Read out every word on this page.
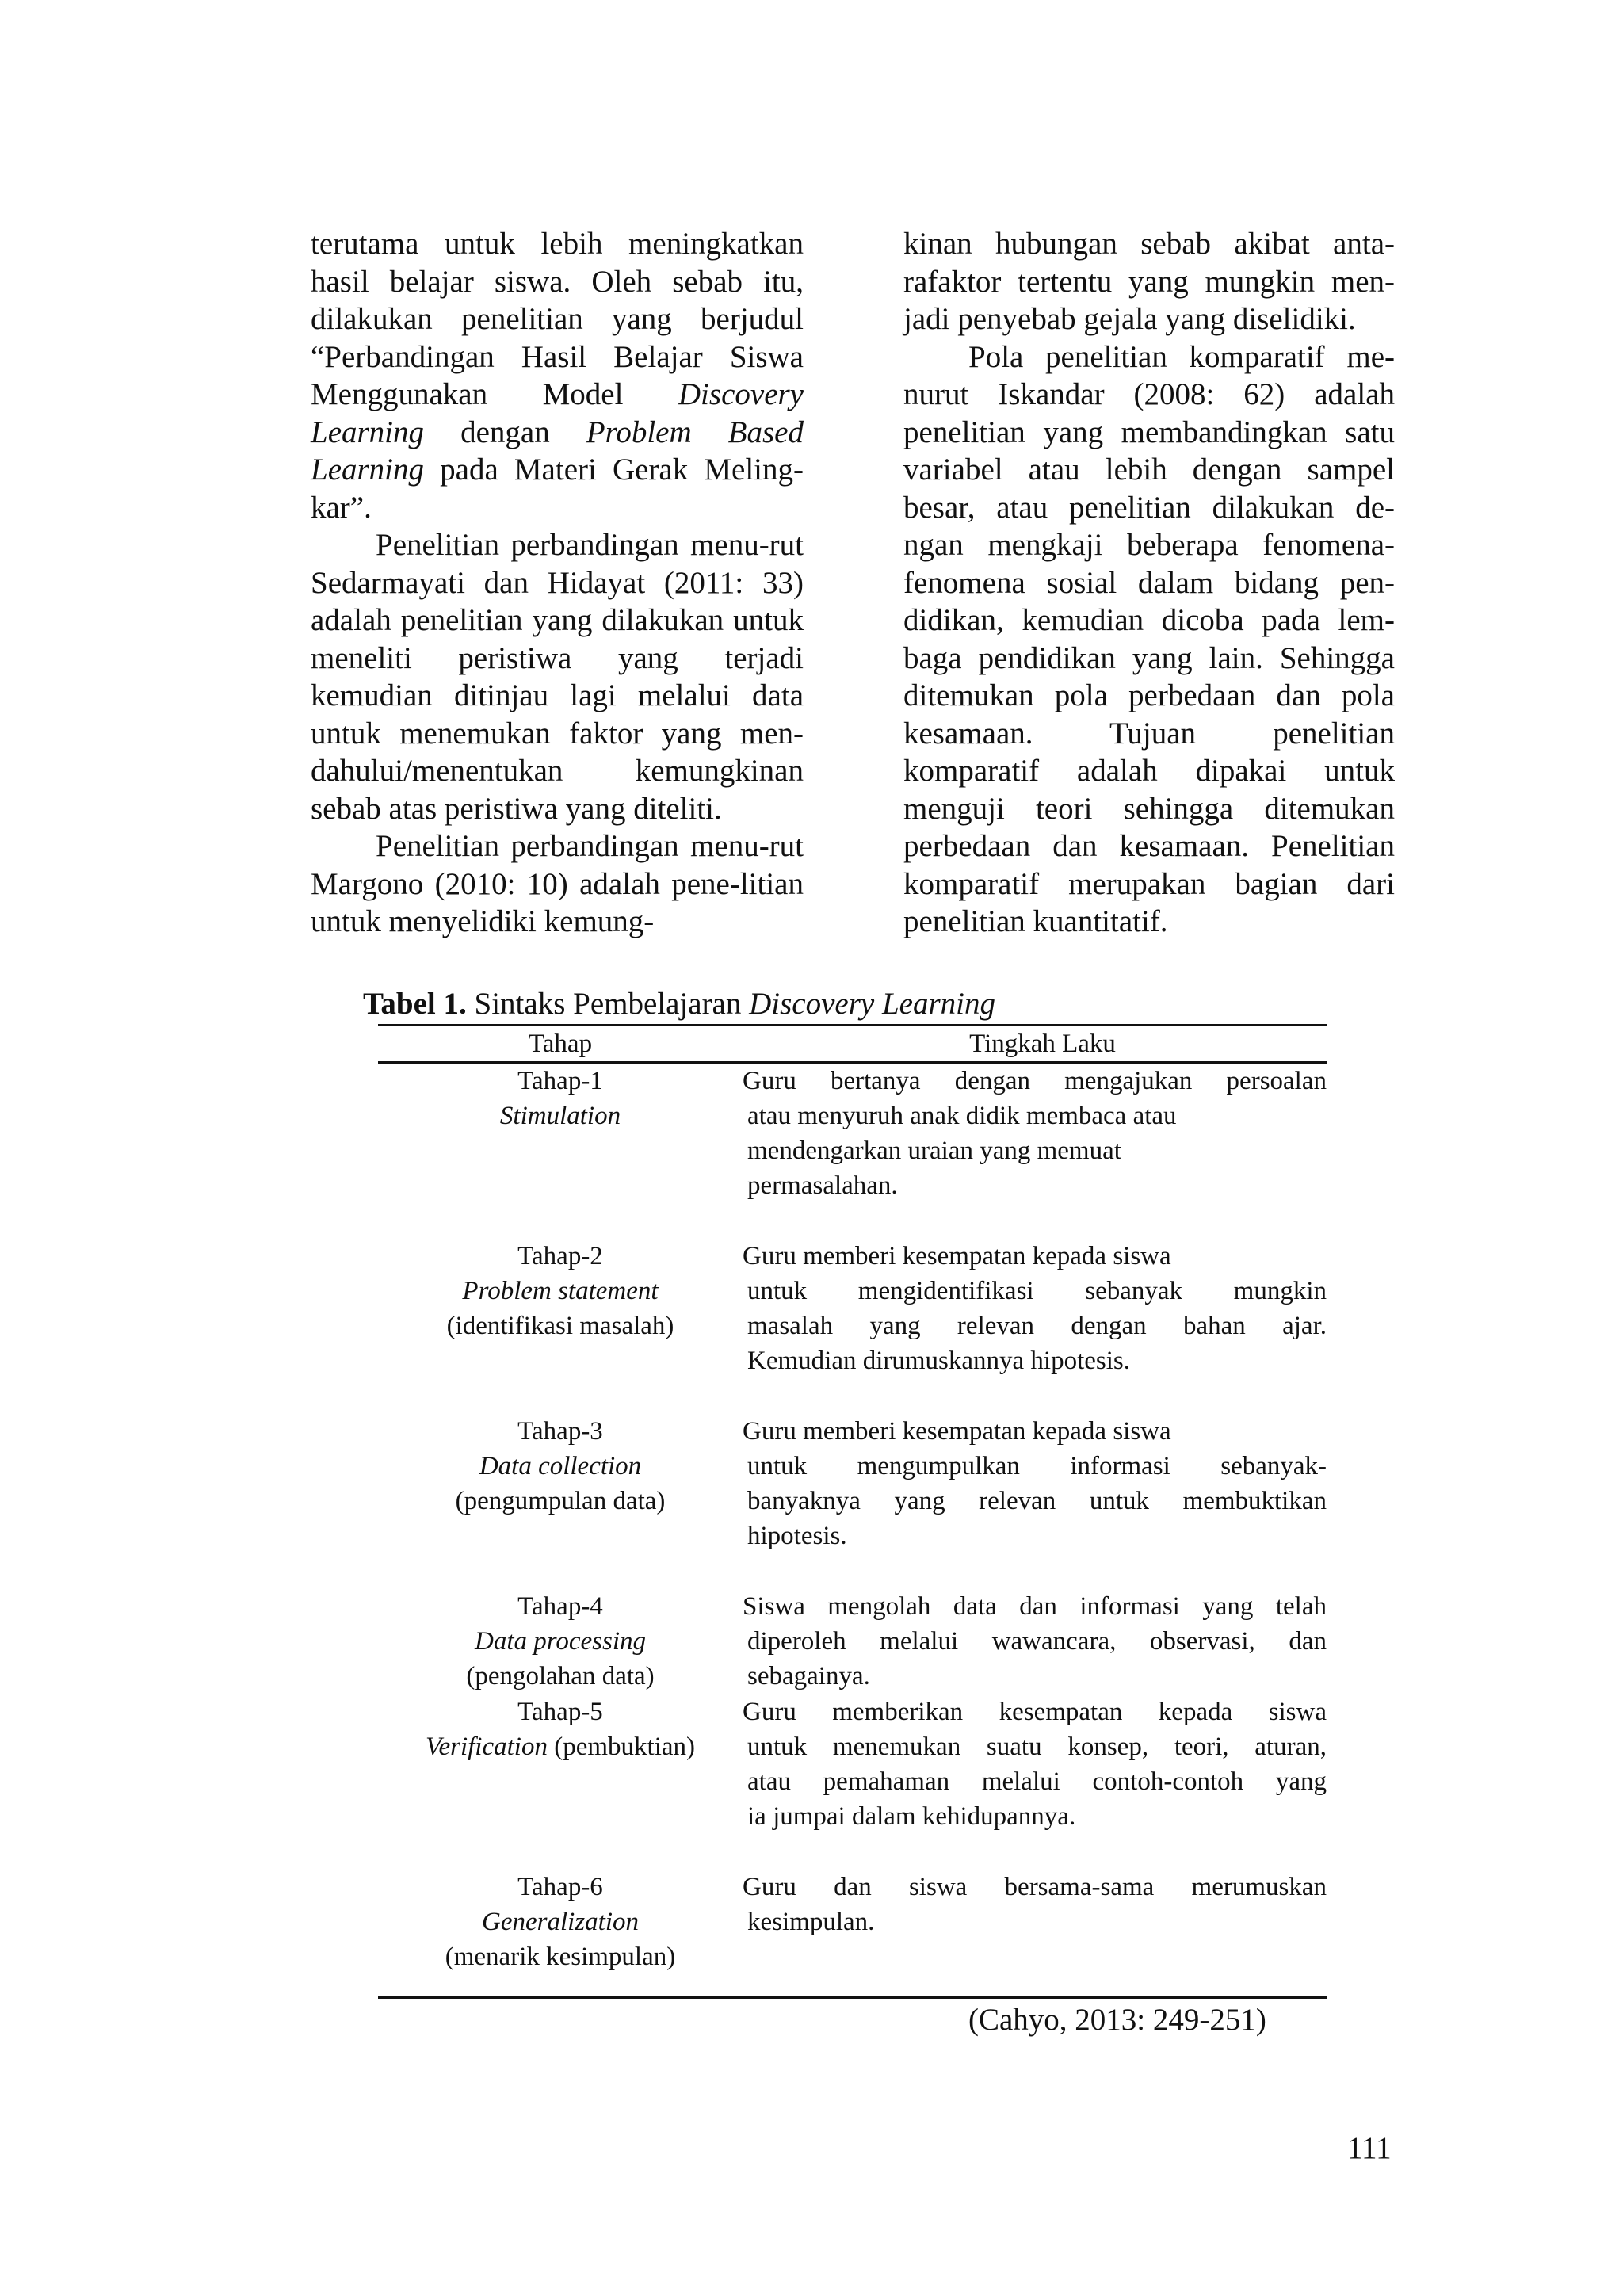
terutama untuk lebih meningkatkan hasil belajar siswa. Oleh sebab itu, dilakukan penelitian yang berjudul “Perbandingan Hasil Belajar Siswa Menggunakan Model Discovery Learning dengan Problem Based Learning pada Materi Gerak Meling-kar”.

Penelitian perbandingan menu-rut Sedarmayati dan Hidayat (2011: 33) adalah penelitian yang dilakukan untuk meneliti peristiwa yang terjadi kemudian ditinjau lagi melalui data untuk menemukan faktor yang men-dahului/menentukan kemungkinan sebab atas peristiwa yang diteliti.

Penelitian perbandingan menu-rut Margono (2010: 10) adalah pene-litian untuk menyelidiki kemung-

kinan hubungan sebab akibat anta-rafaktor tertentu yang mungkin men-jadi penyebab gejala yang diselidiki.

Pola penelitian komparatif me-nurut Iskandar (2008: 62) adalah penelitian yang membandingkan satu variabel atau lebih dengan sampel besar, atau penelitian dilakukan de-ngan mengkaji beberapa fenomena-fenomena sosial dalam bidang pen-didikan, kemudian dicoba pada lem-baga pendidikan yang lain. Sehingga ditemukan pola perbedaan dan pola kesamaan. Tujuan penelitian komparatif adalah dipakai untuk menguji teori sehingga ditemukan perbedaan dan kesamaan. Penelitian komparatif merupakan bagian dari penelitian kuantitatif.

Tabel 1. Sintaks Pembelajaran Discovery Learning
Tahap	Tingkah Laku
Tahap-1
Stimulation
Guru bertanya dengan mengajukan persoalan
atau menyuruh anak didik membaca atau
mendengarkan uraian yang memuat
permasalahan.
Tahap-2
Problem statement
(identifikasi masalah)
Guru memberi kesempatan kepada siswa
untuk mengidentifikasi sebanyak mungkin
masalah yang relevan dengan bahan ajar.
Kemudian dirumuskannya hipotesis.
Tahap-3
Data collection
(pengumpulan data)
Guru memberi kesempatan kepada siswa
untuk mengumpulkan informasi sebanyak-
banyaknya yang relevan untuk membuktikan
hipotesis.
Tahap-4
Data processing
(pengolahan data)
Siswa mengolah data dan informasi yang telah
diperoleh melalui wawancara, observasi, dan
sebagainya.
Tahap-5
Verification (pembuktian)
Guru memberikan kesempatan kepada siswa
untuk menemukan suatu konsep, teori, aturan,
atau pemahaman melalui contoh-contoh yang
ia jumpai dalam kehidupannya.
Tahap-6
Generalization
(menarik kesimpulan)
Guru dan siswa bersama-sama merumuskan
kesimpulan.
(Cahyo, 2013: 249-251)
111
